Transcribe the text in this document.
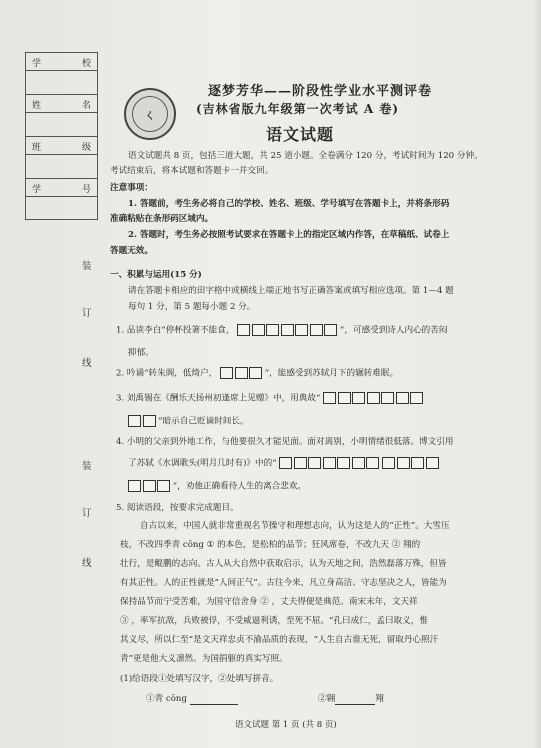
学	校
姓	名
班	级
学	号
装
订
线
装
订
线
ㄑ
逐梦芳华——阶段性学业水平测评卷
(吉林省版九年级第一次考试 A 卷)
语文试题
语文试题共 8 页，包括三道大题，共 25 道小题。全卷满分 120 分，考试时间为 120 分钟。
考试结束后，将本试题和答题卡一并交回。
注意事项：
1. 答题前，考生务必将自己的学校、姓名、班级、学号填写在答题卡上，并将条形码
准确粘贴在条形码区域内。
2. 答题时，考生务必按照考试要求在答题卡上的指定区域内作答，在草稿纸、试卷上
答题无效。
一、积累与运用(15 分)
请在答题卡相应的田字格中或横线上端正地书写正确答案或填写相应选项。第 1—4 题
每句 1 分，第 5 题每小题 2 分。
1. 品读李白“停杯投箸不能食，	”，可感受到诗人内心的苦闷
抑郁。
2. 吟诵“转朱阁，低绮户，	”，能感受到苏轼月下的辗转难眠。
3. 刘禹锡在《酬乐天扬州初逢席上见赠》中，用典故“
”暗示自己贬谪时间长。
4. 小明的父亲到外地工作，与他要很久才能见面。面对离别，小明情绪很低落。博文引用
了苏轼《水调歌头(明月几时有)》中的“

”，劝他正确看待人生的离合悲欢。
5. 阅读语段，按要求完成题目。
自古以来，中国人就非常重视名节操守和理想志向，认为这是人的“正性”。大雪压
枝，不改四季青 cōng ① 的本色，是松柏的品节；狂风席卷，不改九天 ② 翔的
壮行，是鲲鹏的志向。古人从大自然中获取启示，认为天地之间，浩然磊落万殊，但皆
有其正性。人的正性就是“人间正气”。古往今来，凡立身高洁、守志坚决之人，皆能为
保持品节而宁受苦难，为国守信舍身 ② ，丈夫得便是典范。南宋末年，文天祥
③ ，率军抗敌，兵败被俘，不受威逼利诱，至死不屈。“孔曰成仁，孟曰取义，惟
其义尽，所以仁至”是文天祥忠贞不渝品质的表现，“人生自古谁无死，留取丹心照汗
青”更是他大义凛然、为国捐躯的真实写照。
(1)给语段①处填写汉字，②处填写拼音。
①青 cōng	②翱	翔
语文试题 第 1 页 (共 8 页)
